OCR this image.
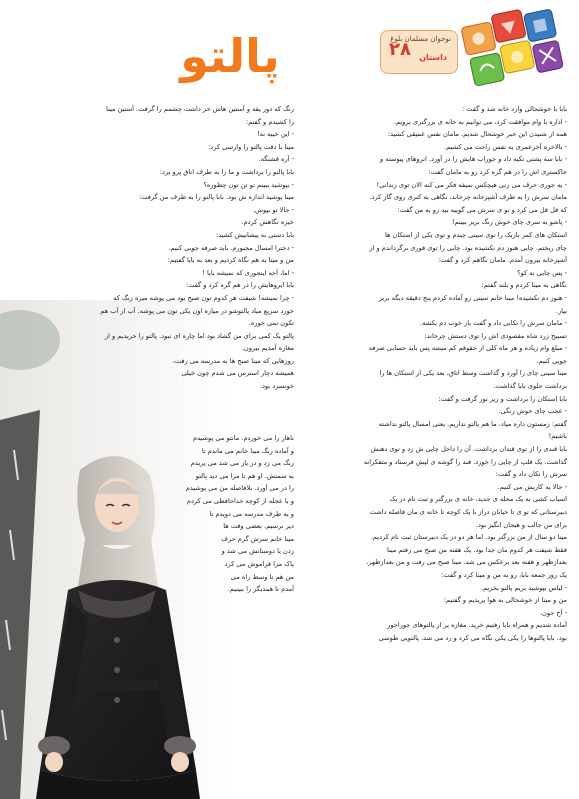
پالتو	نوجوان مسلمان بلوغ
۲۸ داستان

بابا با خوشحالی وارد خانه شد و گفت :

- اداره با وام موافقت کرد، می توانیم به خانه ی بزرگتری برویم.

همه از شنیدن این خبر خوشحال شدیم. مامان نفس عمیقی کشید:

- بالاخره آخرعمری یه نفس راحت می کشیم.

- بابا سه پشتی تکیه داد و جوراب هایش را در آورد. انروهای پیوسته و

خاکستری اش را در هم گره کرد رو به مامان گفت:

- یه جوری حرف می زنی هیچکس نمیفه فکر می کنه الان توی زندانی!

مامان سرش را به طرف آشپزخانه چرخاند، نگاهی به کتری روی گاز کرد.

که قل قل می کرد و تو ی سرش می گوییه بید رو به من گفت:

- پاشو یه سری چای خوش رنگ بریز ببینم!

استکان های کمر باریک را توی سینی چیدم و توی یکی از استکان ها

چای ریختم. چایی هنوز دم نکشیده بود. چایی را توی قوری برگرداندم و از

آشپزخانه بیرون آمدم. مامان نگاهم کرد و گفت:

- پس چایی نه کو؟

نگاهی به مینا کردم و بلند گفتم:

- هنوز دم نکشیده! مینا خانم سینی رو آماده کردم پنج دقیقه دیگه بریز

بیار.

- مامان سرش را تکانی داد و گفت باز خوب دم بکشه.

تسبیح زرد شاه مقصودی اش را توی دستش چرخاند:

- مبلغ وام زیاده و هر ماه کلی از حقوقم کم میشه پس باید حسابی صرفه

جویی کنیم.

مینا سینی چای را آورد و گذاشت وسط اتاق، بعد یکی از استکان ها را

برداشت جلوی بابا گذاشت.

بابا استکان را برداشت و زیر نور گرفت و گفت:

- عجب چای خوش رنگی.

گفتم: زمستون داره میاد، ما هم پالتو نداریم. یعنی امسال پالتو نداشته

باشیم!

بابا قندی را از توی قندان برداشت. آن را داخل چایی ش زد و توی دهنش

گذاشت. یک قلپ از چایی را خورد. قند را گوشه ی لپش فرستاد و متفکرانه

سرش را تکان داد و گفت:

- حالا یه کاریش می کنیم.

اسباب کشی به یک محله ی جدید، خانه ی بزرگتر و ثبت نام در یک

دبیرستانی که تو ی تا خیابان دراز با یک کوچه تا خانه ی مان فاصله داشت

برای من جالب و هیجان انگیز بود.

مینا دو سال از من بزرگتر بود. اما هر دو در یک دبیرستان ثبت نام کردیم.

فقط شیفت هر کدوم مان جدا بود. یک هفته من صبح می رفتم مینا

بعدازظهر و هفته بعد برعکس می شد. مینا صبح می رفت و من بعدازظهر.

یک روز جمعه بابا، رو به من و مینا کرد و گفت:

- لباس بپوشید بریم پالتو بخریم.

من و مینا از خوشحالی به هوا پریدیم و گفتیم:

- آخ جون.

آماده شدیم و همراه بابا رفتیم خرید. مغازه پر از پالتوهای جوراجور

بود. بابا پالتوها را یکی یکی نگاه می کرد و رد می شد. پالتویی طوسی

رنگ که دور یقه و آستین هاش خز داشت چشمم را گرفت. آستین مینا

را کشیدم و گفتم:

- این خیبه نه!

مینا با دقت پالتو را وارسی کرد:

- آره قشنگه.

بابا پالتو را برداشت و ما را به طرف اتاق پرو برد:

- بپوشید ببینم تو تن تون چطوره؟

مینا پوشید اندازه ش بود. بابا پالتو را به طرف من گرفت:

- حالا تو بپوش.

خیره نگاهش کردم.

بابا دستی به پیشانیش کشید:

- دخترا امسال مجبورم. باید صرفه جویی کنیم.

من و مینا به هم نگاه کردیم و بعد به بابا گفتیم:

- اما، آخه اینجوری که نمیشه بابا !

بابا ابروهایش را در هم گره کرد و گفت:

- چرا نمیشه! شیفت هر کدوم تون صبح بود می پوشه میره زنگ که

خورد سریع میاد پالتوشو در میاره اون یکی تون می پوشه. آب از آب هم

تکون نمی خوره.

پالتو یک کمی برای من گشاد بود اما چاره ای نبود. پالتو را خریدیم و از

مغازه آمدیم بیرون.

روزهایی که مینا صبح ها به مدرسه می رفت،

همیشه دچار استرس می شدم چون خیلی

خونسرد بود.

ناهار را می خوردم. مانتو می پوشیدم

و آماده زنگ مینا خانم می ماندم تا

زنگ می زد و در باز می شد می پریدم

به سمتش. او هم تا مرا می دید پالتو

را در می آورد. بلافاصله من می پوشیدم

و با عجله از کوچه خداحافظی می کردم

و به طرف مدرسه می دویدم تا

دیر نرسیم. بعضی وقت ها

مینا خانم سرش گرم حرف

زدن با دوستانش می شد و

پاک مرا فراموش می کرد

من هم تا وسط راه می

آمدم تا همدیگر را ببینیم.
